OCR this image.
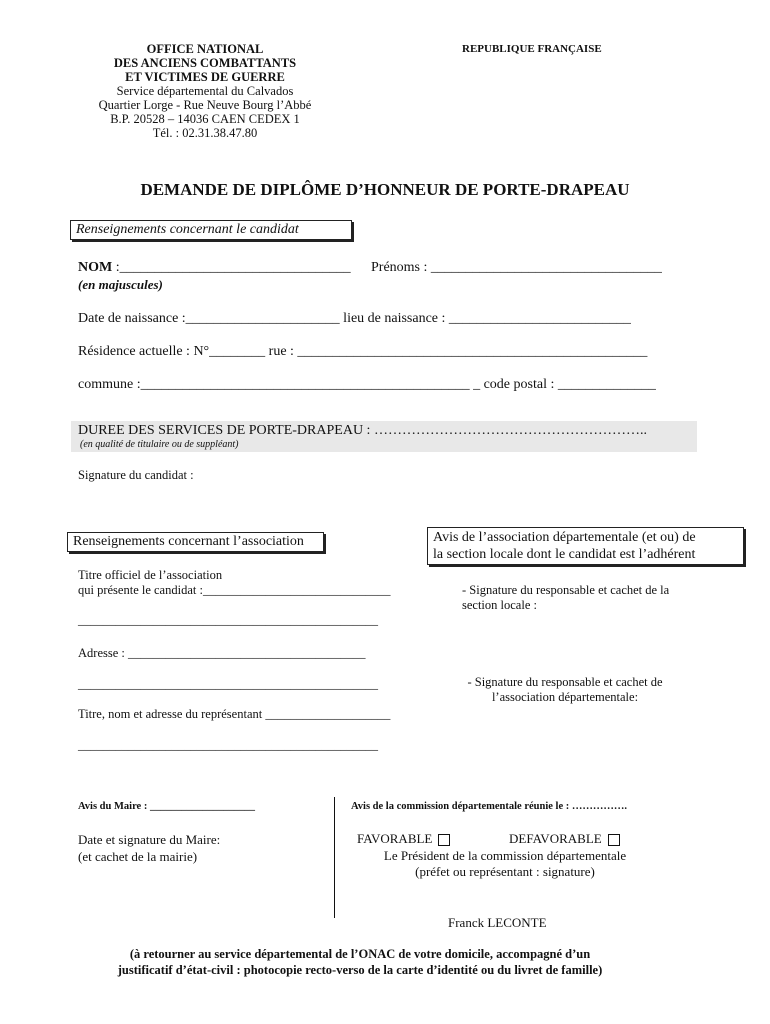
OFFICE NATIONAL
DES ANCIENS COMBATTANTS
ET VICTIMES DE GUERRE
Service départemental du Calvados
Quartier Lorge - Rue Neuve Bourg l’Abbé
B.P. 20528 – 14036 CAEN CEDEX 1
Tél. : 02.31.38.47.80
REPUBLIQUE FRANÇAISE
DEMANDE DE DIPLÔME D’HONNEUR DE PORTE-DRAPEAU
Renseignements concernant le candidat
NOM :_________________________________ Prénoms : _________________________________
(en majuscules)
Date de naissance :______________________ lieu de naissance : __________________________
Résidence actuelle : N°________ rue : __________________________________________________
commune :_______________________________________________ _ code postal : ______________
DUREE DES SERVICES DE PORTE-DRAPEAU : …………………………………………………..
(en qualité de titulaire ou de suppléant)
Signature du candidat :
Renseignements concernant l’association
Titre officiel de l’association
qui présente le candidat :______________________________
________________________________________________
Adresse : ______________________________________
________________________________________________
Titre, nom et adresse du représentant ____________________
________________________________________________
Avis de l’association départementale (et ou) de
la section locale dont le candidat est l’adhérent
- Signature du responsable et cachet de la
section locale :
- Signature du responsable et cachet de
l’association départementale:
Avis du Maire : ____________________
Date et signature du Maire:
(et cachet de la mairie)
Avis de la commission départementale réunie le : …………….
FAVORABLE	DEFAVORABLE
Le Président de la commission départementale
(préfet ou représentant : signature)
Franck LECONTE
(à retourner au service départemental de l’ONAC de votre domicile, accompagné d’un
justificatif d’état-civil : photocopie recto-verso de la carte d’identité ou du livret de famille)
